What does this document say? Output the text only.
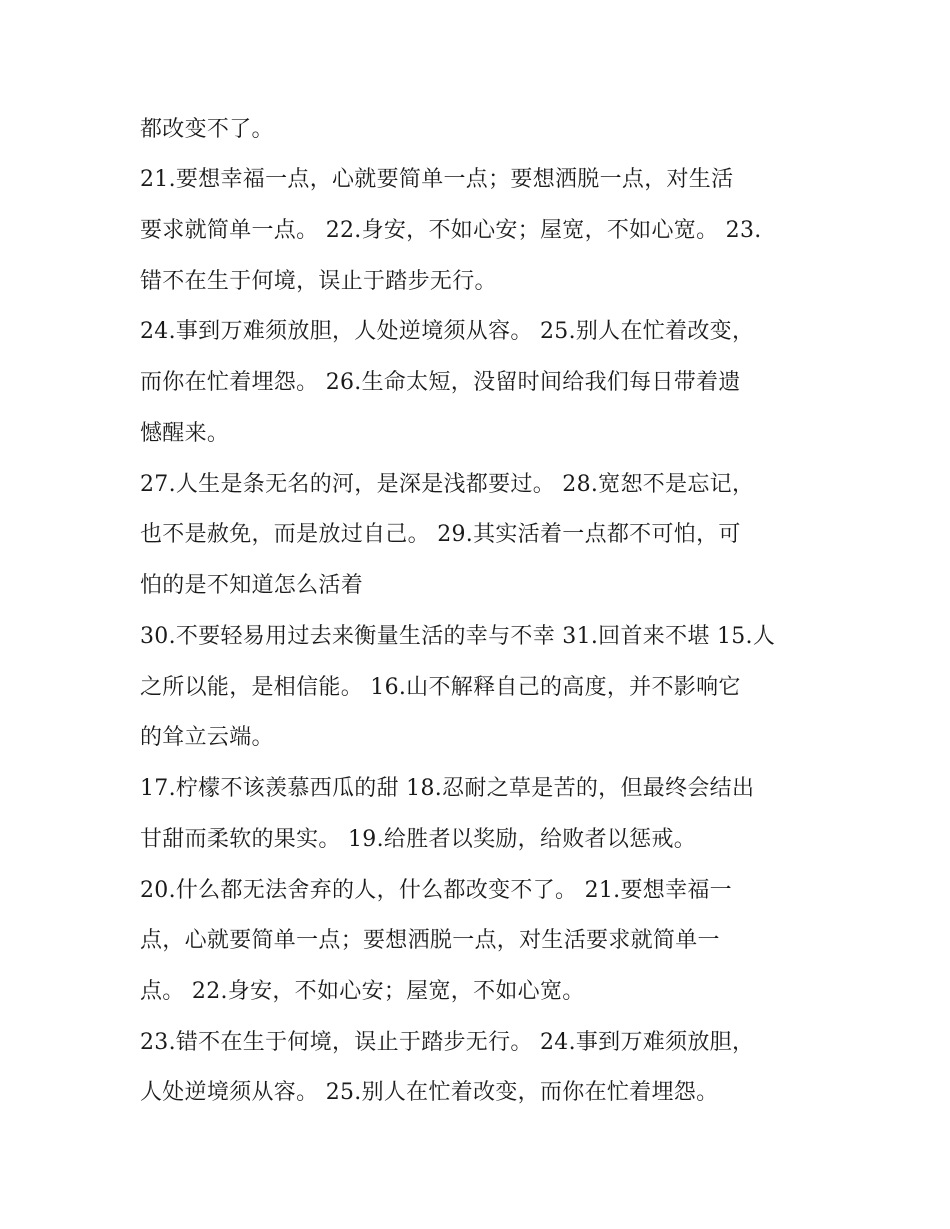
都改变不了。
21.要想幸福一点，心就要简单一点；要想洒脱一点，对生活
要求就简单一点。 22.身安，不如心安；屋宽，不如心宽。 23.
错不在生于何境，误止于踏步无行。
24.事到万难须放胆，人处逆境须从容。 25.别人在忙着改变，
而你在忙着埋怨。 26.生命太短，没留时间给我们每日带着遗
憾醒来。
27.人生是条无名的河，是深是浅都要过。 28.宽恕不是忘记，
也不是赦免，而是放过自己。 29.其实活着一点都不可怕，可
怕的是不知道怎么活着
30.不要轻易用过去来衡量生活的幸与不幸 31.回首来不堪 15.人
之所以能，是相信能。 16.山不解释自己的高度，并不影响它
的耸立云端。
17.柠檬不该羡慕西瓜的甜 18.忍耐之草是苦的，但最终会结出
甘甜而柔软的果实。 19.给胜者以奖励，给败者以惩戒。
20.什么都无法舍弃的人，什么都改变不了。 21.要想幸福一
点，心就要简单一点；要想洒脱一点，对生活要求就简单一
点。 22.身安，不如心安；屋宽，不如心宽。
23.错不在生于何境，误止于踏步无行。 24.事到万难须放胆，
人处逆境须从容。 25.别人在忙着改变，而你在忙着埋怨。
